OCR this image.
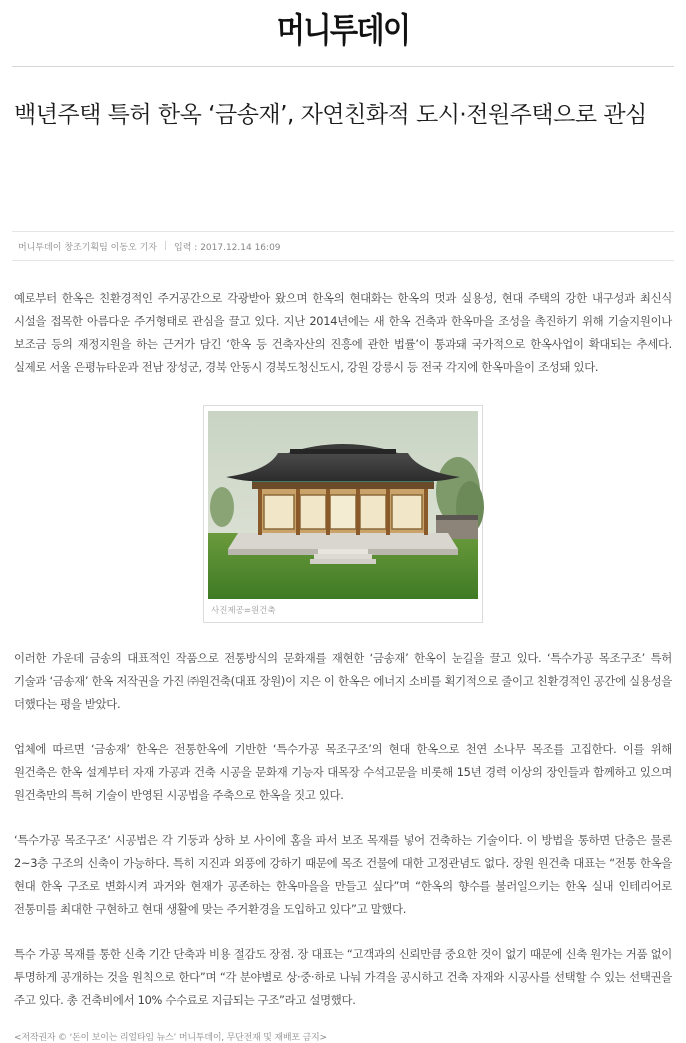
머니투데이
백년주택 특허 한옥 ‘금송재’, 자연친화적 도시·전원주택으로 관심
머니투데이 창조기획팀 이동오 기자 | 입력 : 2017.12.14 16:09

예로부터 한옥은 친환경적인 주거공간으로 각광받아 왔으며 한옥의 현대화는 한옥의 멋과 실용성, 현대 주택의 강한 내구성과 최신식 시설을 접목한 아름다운 주거형태로 관심을 끌고 있다. 지난 2014년에는 새 한옥 건축과 한옥마을 조성을 촉진하기 위해 기술지원이나 보조금 등의 재정지원을 하는 근거가 담긴 ‘한옥 등 건축자산의 진흥에 관한 법률’이 통과돼 국가적으로 한옥사업이 확대되는 추세다. 실제로 서울 은평뉴타운과 전남 장성군, 경북 안동시 경북도청신도시, 강원 강릉시 등 전국 각지에 한옥마을이 조성돼 있다.

사진제공=원건축

이러한 가운데 금송의 대표적인 작품으로 전통방식의 문화재를 재현한 ‘금송재’ 한옥이 눈길을 끌고 있다. ‘특수가공 목조구조’ 특허 기술과 ‘금송재’ 한옥 저작권을 가진 ㈜원건축(대표 장원)이 지은 이 한옥은 에너지 소비를 획기적으로 줄이고 친환경적인 공간에 실용성을 더했다는 평을 받았다.

업체에 따르면 ‘금송재’ 한옥은 전통한옥에 기반한 ‘특수가공 목조구조’의 현대 한옥으로 천연 소나무 목조를 고집한다. 이를 위해 원건축은 한옥 설계부터 자재 가공과 건축 시공을 문화재 기능자 대목장 수석고문을 비롯해 15년 경력 이상의 장인들과 함께하고 있으며 원건축만의 특허 기술이 반영된 시공법을 주축으로 한옥을 짓고 있다.

‘특수가공 목조구조’ 시공법은 각 기둥과 상하 보 사이에 홈을 파서 보조 목재를 넣어 건축하는 기술이다. 이 방법을 통하면 단층은 물론 2~3층 구조의 신축이 가능하다. 특히 지진과 외풍에 강하기 때문에 목조 건물에 대한 고정관념도 없다. 장원 원건축 대표는 “전통 한옥을 현대 한옥 구조로 변화시켜 과거와 현재가 공존하는 한옥마을을 만들고 싶다”며 “한옥의 향수를 불러일으키는 한옥 실내 인테리어로 전통미를 최대한 구현하고 현대 생활에 맞는 주거환경을 도입하고 있다”고 말했다.

특수 가공 목재를 통한 신축 기간 단축과 비용 절감도 장점. 장 대표는 “고객과의 신뢰만큼 중요한 것이 없기 때문에 신축 원가는 거품 없이 투명하게 공개하는 것을 원칙으로 한다”며 “각 분야별로 상·중·하로 나눠 가격을 공시하고 건축 자재와 시공사를 선택할 수 있는 선택권을 주고 있다. 총 건축비에서 10% 수수료로 지급되는 구조”라고 설명했다.

<저작권자 © ‘돈이 보이는 리얼타임 뉴스’ 머니투데이, 무단전재 및 재배포 금지>
